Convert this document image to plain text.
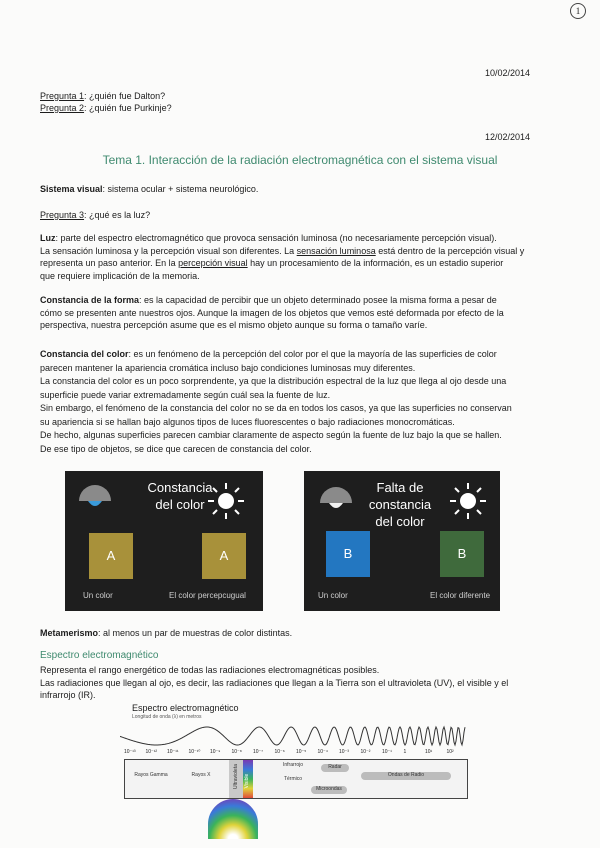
1
10/02/2014
Pregunta 1: ¿quién fue Dalton?
Pregunta 2: ¿quién fue Purkinje?
12/02/2014
Tema 1. Interacción de la radiación electromagnética con el sistema visual
Sistema visual: sistema ocular + sistema neurológico.
Pregunta 3: ¿qué es la luz?
Luz: parte del espectro electromagnético que provoca sensación luminosa (no necesariamente percepción visual).
La sensación luminosa y la percepción visual son diferentes. La sensación luminosa está dentro de la percepción visual y
representa un paso anterior. En la percepción visual hay un procesamiento de la información, es un estadio superior
que requiere implicación de la memoria.
Constancia de la forma: es la capacidad de percibir que un objeto determinado posee la misma forma a pesar de
cómo se presenten ante nuestros ojos. Aunque la imagen de los objetos que vemos esté deformada por efecto de la
perspectiva, nuestra percepción asume que es el mismo objeto aunque su forma o tamaño varíe.
Constancia del color: es un fenómeno de la percepción del color por el que la mayoría de las superficies de color
parecen mantener la apariencia cromática incluso bajo condiciones luminosas muy diferentes.
La constancia del color es un poco sorprendente, ya que la distribución espectral de la luz que llega al ojo desde una
superficie puede variar extremadamente según cuál sea la fuente de luz.
Sin embargo, el fenómeno de la constancia del color no se da en todos los casos, ya que las superficies no conservan
su apariencia si se hallan bajo algunos tipos de luces fluorescentes o bajo radiaciones monocromáticas.
De hecho, algunas superficies parecen cambiar claramente de aspecto según la fuente de luz bajo la que se hallen.
De ese tipo de objetos, se dice que carecen de constancia del color.
Constancia
del color
A	A
Un color	El color percepcugual
Falta de
constancia
del color
B	B
Un color	El color diferente
Metamerismo: al menos un par de muestras de color distintas.
Espectro electromagnético
Representa el rango energético de todas las radiaciones electromagnéticas posibles.
Las radiaciones que llegan al ojo, es decir, las radiaciones que llegan a la Tierra son el ultravioleta (UV), el visible y el
infrarrojo (IR).
Espectro electromagnético
Longitud de onda (λ) en metros
10⁻¹³ 10⁻¹² 10⁻¹¹ 10⁻¹⁰ 10⁻⁹ 10⁻⁸ 10⁻⁷ 10⁻⁶ 10⁻⁵ 10⁻⁴ 10⁻³ 10⁻² 10⁻¹ 1	10¹	10²
Rayos Gamma	Rayos X	Ultravioleta Visible
Infrarrojo
Térmico
Radar
Microondas
Ondas de Radio
